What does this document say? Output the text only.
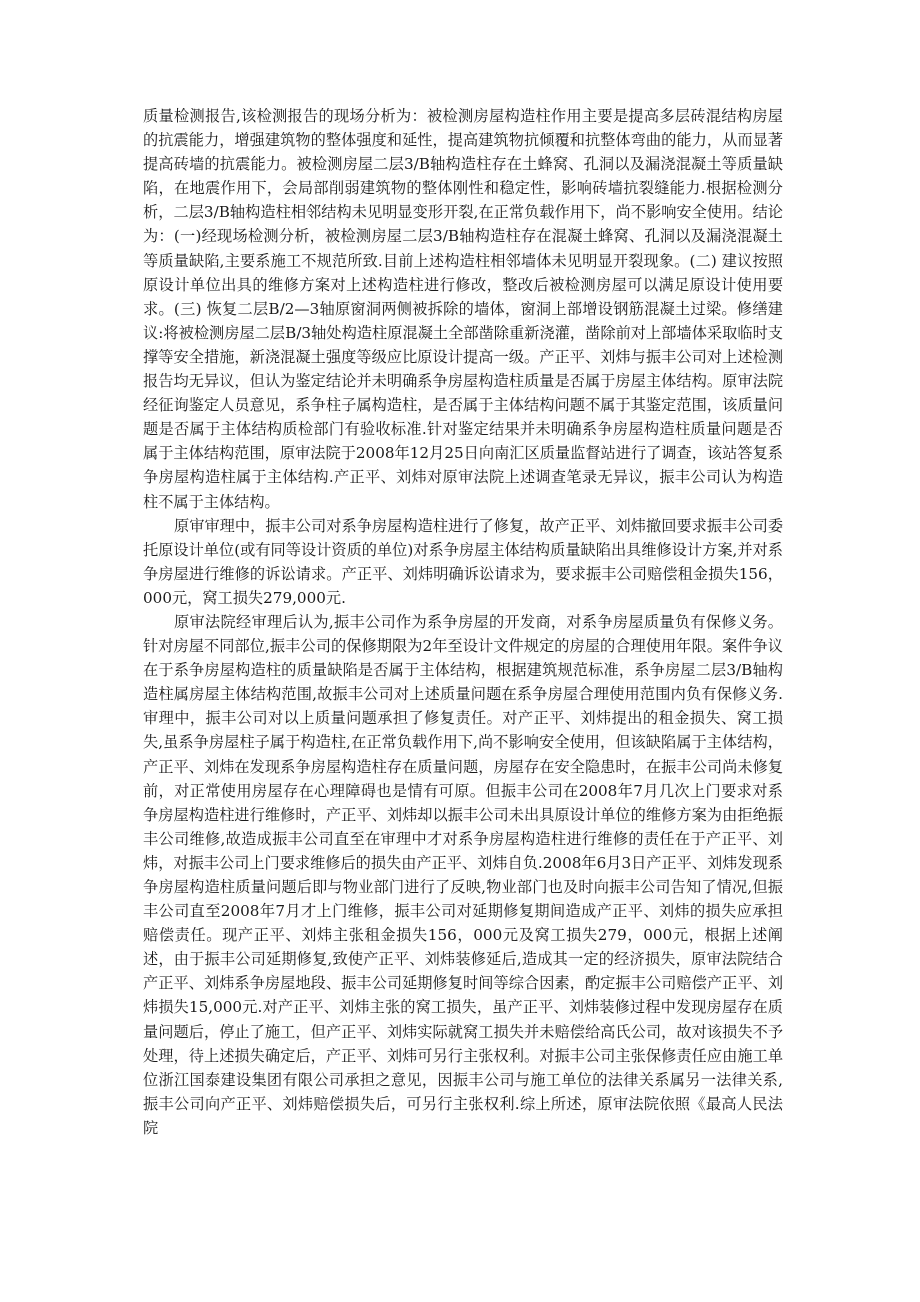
质量检测报告,该检测报告的现场分析为：被检测房屋构造柱作用主要是提高多层砖混结构房屋的抗震能力，增强建筑物的整体强度和延性，提高建筑物抗倾覆和抗整体弯曲的能力，从而显著提高砖墙的抗震能力。被检测房屋二层3/B轴构造柱存在土蜂窝、孔洞以及漏浇混凝土等质量缺陷，在地震作用下，会局部削弱建筑物的整体刚性和稳定性，影响砖墙抗裂缝能力.根据检测分析，二层3/B轴构造柱相邻结构未见明显变形开裂,在正常负载作用下，尚不影响安全使用。结论为：(一)经现场检测分析，被检测房屋二层3/B轴构造柱存在混凝土蜂窝、孔洞以及漏浇混凝土等质量缺陷,主要系施工不规范所致.目前上述构造柱相邻墙体未见明显开裂现象。(二) 建议按照原设计单位出具的维修方案对上述构造柱进行修改，整改后被检测房屋可以满足原设计使用要求。(三) 恢复二层B/2—3轴原窗洞两侧被拆除的墙体，窗洞上部增设钢筋混凝土过梁。修缮建议:将被检测房屋二层B/3轴处构造柱原混凝土全部凿除重新浇灌，凿除前对上部墙体采取临时支撑等安全措施，新浇混凝土强度等级应比原设计提高一级。产正平、刘炜与振丰公司对上述检测报告均无异议，但认为鉴定结论并未明确系争房屋构造柱质量是否属于房屋主体结构。原审法院经征询鉴定人员意见，系争柱子属构造柱，是否属于主体结构问题不属于其鉴定范围，该质量问题是否属于主体结构质检部门有验收标准.针对鉴定结果并未明确系争房屋构造柱质量问题是否属于主体结构范围，原审法院于2008年12月25日向南汇区质量监督站进行了调查，该站答复系争房屋构造柱属于主体结构.产正平、刘炜对原审法院上述调查笔录无异议，振丰公司认为构造柱不属于主体结构。

原审审理中，振丰公司对系争房屋构造柱进行了修复，故产正平、刘炜撤回要求振丰公司委托原设计单位(或有同等设计资质的单位)对系争房屋主体结构质量缺陷出具维修设计方案,并对系争房屋进行维修的诉讼请求。产正平、刘炜明确诉讼请求为，要求振丰公司赔偿租金损失156，000元，窝工损失279,000元.

原审法院经审理后认为,振丰公司作为系争房屋的开发商，对系争房屋质量负有保修义务。针对房屋不同部位,振丰公司的保修期限为2年至设计文件规定的房屋的合理使用年限。案件争议在于系争房屋构造柱的质量缺陷是否属于主体结构，根据建筑规范标准，系争房屋二层3/B轴构造柱属房屋主体结构范围,故振丰公司对上述质量问题在系争房屋合理使用范围内负有保修义务.审理中，振丰公司对以上质量问题承担了修复责任。对产正平、刘炜提出的租金损失、窝工损失,虽系争房屋柱子属于构造柱,在正常负载作用下,尚不影响安全使用，但该缺陷属于主体结构，产正平、刘炜在发现系争房屋构造柱存在质量问题，房屋存在安全隐患时，在振丰公司尚未修复前，对正常使用房屋存在心理障碍也是情有可原。但振丰公司在2008年7月几次上门要求对系争房屋构造柱进行维修时，产正平、刘炜却以振丰公司未出具原设计单位的维修方案为由拒绝振丰公司维修,故造成振丰公司直至在审理中才对系争房屋构造柱进行维修的责任在于产正平、刘炜，对振丰公司上门要求维修后的损失由产正平、刘炜自负.2008年6月3日产正平、刘炜发现系争房屋构造柱质量问题后即与物业部门进行了反映,物业部门也及时向振丰公司告知了情况,但振丰公司直至2008年7月才上门维修，振丰公司对延期修复期间造成产正平、刘炜的损失应承担赔偿责任。现产正平、刘炜主张租金损失156，000元及窝工损失279，000元，根据上述阐述，由于振丰公司延期修复,致使产正平、刘炜装修延后,造成其一定的经济损失，原审法院结合产正平、刘炜系争房屋地段、振丰公司延期修复时间等综合因素，酌定振丰公司赔偿产正平、刘炜损失15,000元.对产正平、刘炜主张的窝工损失，虽产正平、刘炜装修过程中发现房屋存在质量问题后，停止了施工，但产正平、刘炜实际就窝工损失并未赔偿给高氏公司，故对该损失不予处理，待上述损失确定后，产正平、刘炜可另行主张权利。对振丰公司主张保修责任应由施工单位浙江国泰建设集团有限公司承担之意见，因振丰公司与施工单位的法律关系属另一法律关系,振丰公司向产正平、刘炜赔偿损失后，可另行主张权利.综上所述，原审法院依照《最高人民法院
